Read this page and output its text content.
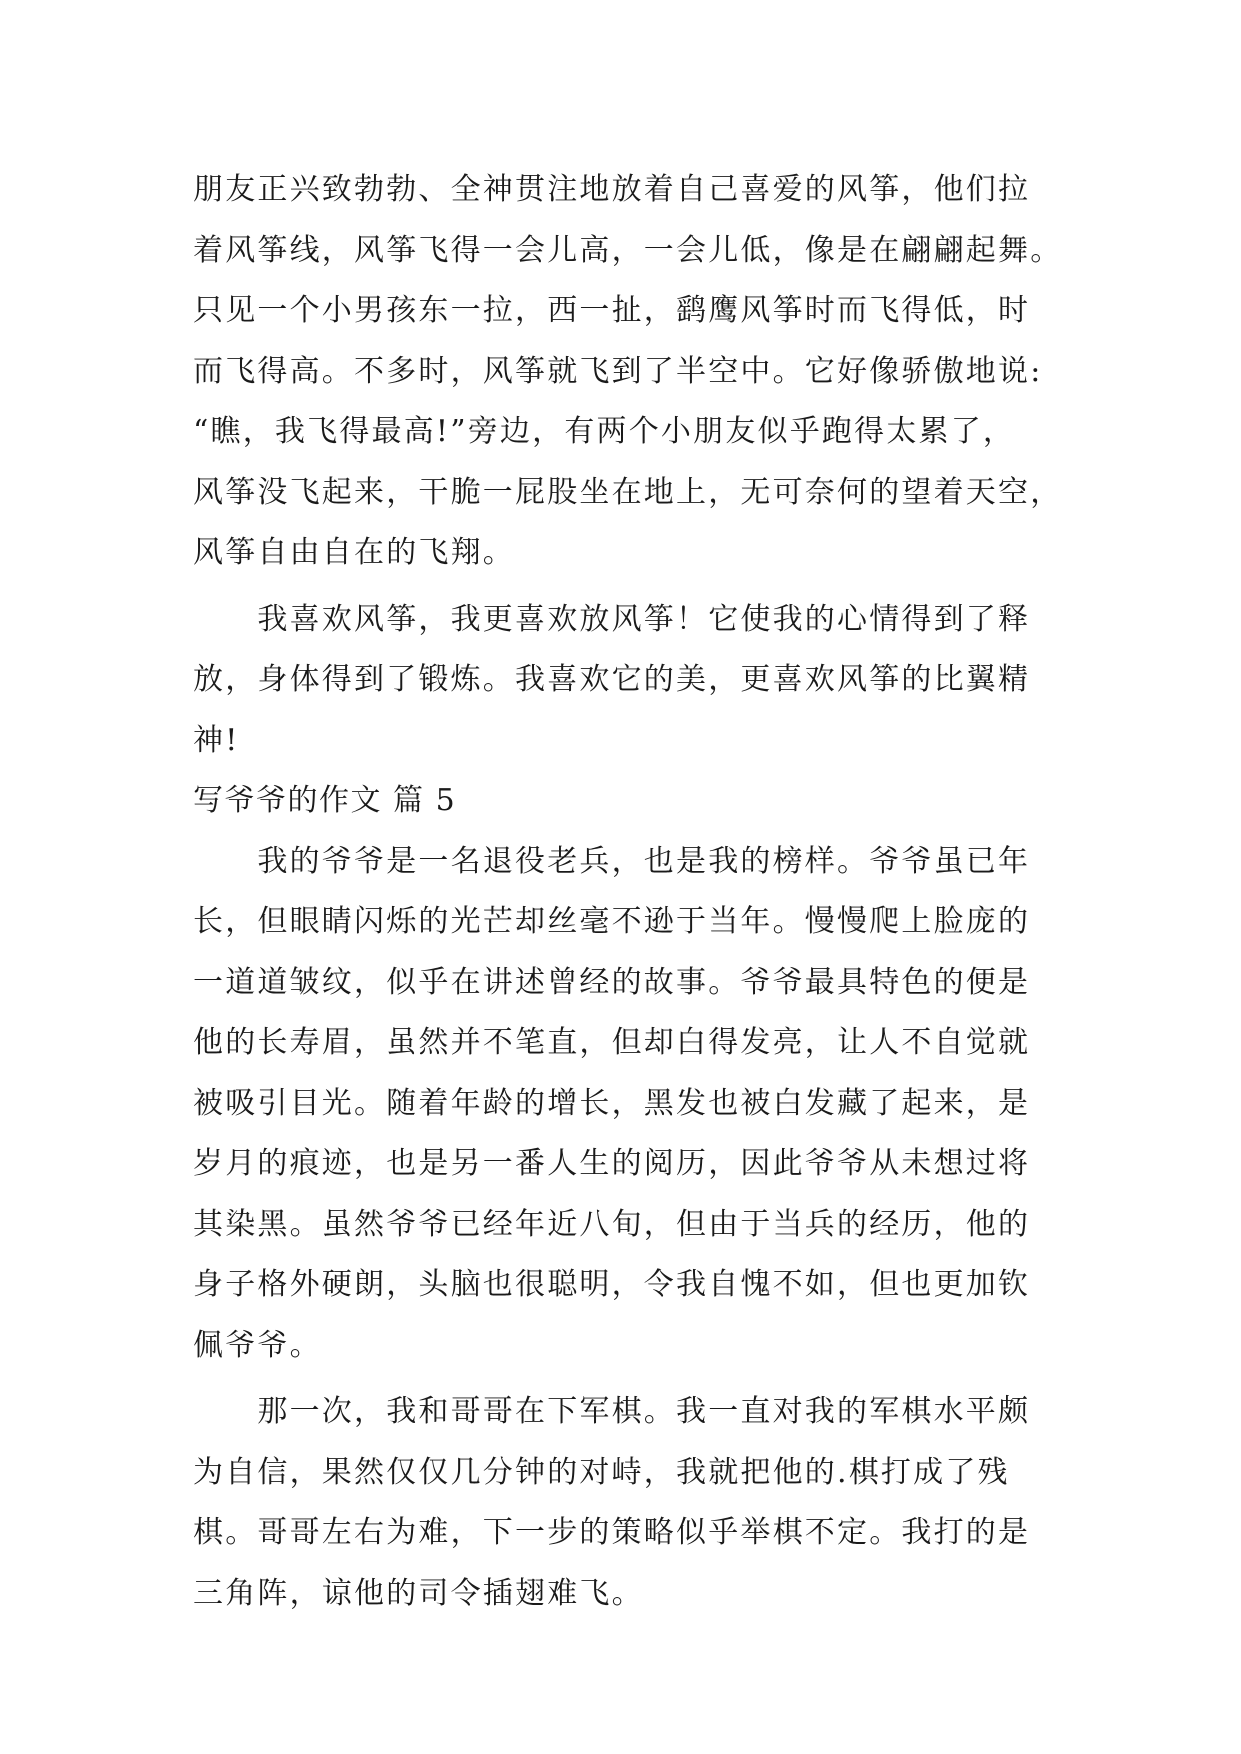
朋友正兴致勃勃、全神贯注地放着自己喜爱的风筝，他们拉
着风筝线，风筝飞得一会儿高，一会儿低，像是在翩翩起舞。
只见一个小男孩东一拉，西一扯，鹞鹰风筝时而飞得低，时
而飞得高。不多时，风筝就飞到了半空中。它好像骄傲地说:
“瞧，我飞得最高!”旁边，有两个小朋友似乎跑得太累了，
风筝没飞起来，干脆一屁股坐在地上，无可奈何的望着天空，
风筝自由自在的飞翔。
　　我喜欢风筝，我更喜欢放风筝！它使我的心情得到了释
放，身体得到了锻炼。我喜欢它的美，更喜欢风筝的比翼精
神!
写爷爷的作文 篇 5
　　我的爷爷是一名退役老兵，也是我的榜样。爷爷虽已年
长，但眼睛闪烁的光芒却丝毫不逊于当年。慢慢爬上脸庞的
一道道皱纹，似乎在讲述曾经的故事。爷爷最具特色的便是
他的长寿眉，虽然并不笔直，但却白得发亮，让人不自觉就
被吸引目光。随着年龄的增长，黑发也被白发藏了起来，是
岁月的痕迹，也是另一番人生的阅历，因此爷爷从未想过将
其染黑。虽然爷爷已经年近八旬，但由于当兵的经历，他的
身子格外硬朗，头脑也很聪明，令我自愧不如，但也更加钦
佩爷爷。
　　那一次，我和哥哥在下军棋。我一直对我的军棋水平颇
为自信，果然仅仅几分钟的对峙，我就把他的.棋打成了残
棋。哥哥左右为难，下一步的策略似乎举棋不定。我打的是
三角阵，谅他的司令插翅难飞。
